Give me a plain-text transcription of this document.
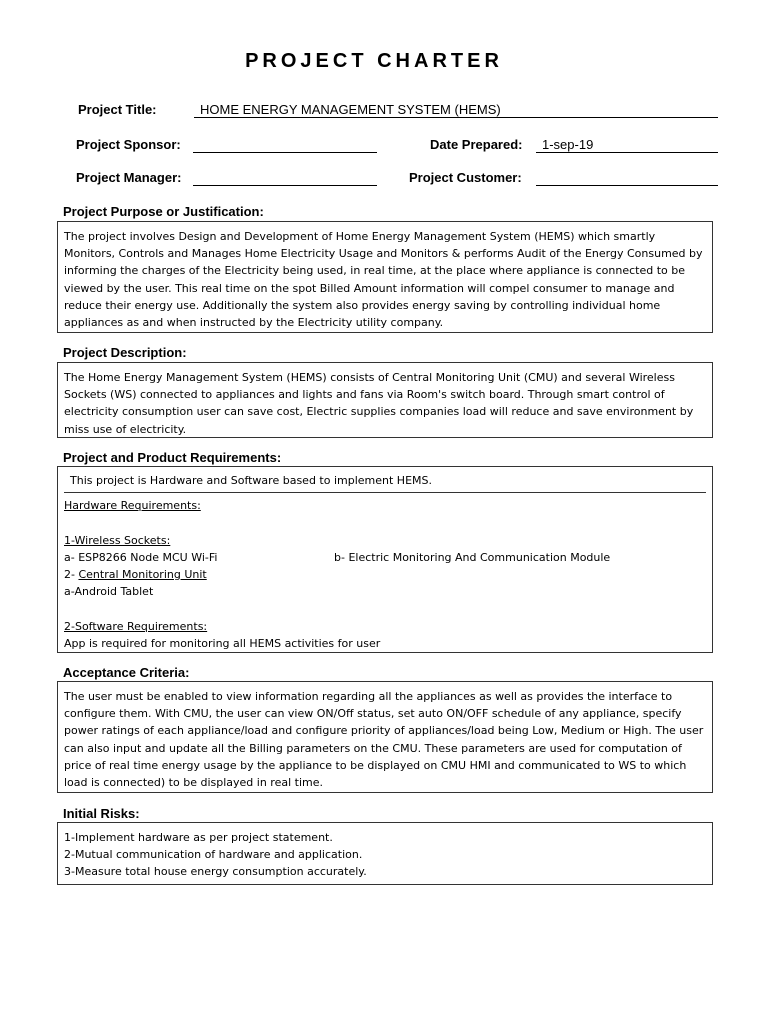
PROJECT CHARTER
Project Title:	HOME ENERGY MANAGEMENT SYSTEM (HEMS)
Project Sponsor:	Date Prepared:	1-sep-19
Project Manager:	Project Customer:
Project Purpose or Justification:

The project involves Design and Development of Home Energy Management System (HEMS) which smartly Monitors, Controls and Manages Home Electricity Usage and Monitors & performs Audit of the Energy Consumed by informing the charges of the Electricity being used, in real time, at the place where appliance is connected to be viewed by the user. This real time on the spot Billed Amount information will compel consumer to manage and reduce their energy use. Additionally the system also provides energy saving by controlling individual home appliances as and when instructed by the Electricity utility company.

Project Description:

The Home Energy Management System (HEMS) consists of Central Monitoring Unit (CMU) and several Wireless Sockets (WS) connected to appliances and lights and fans via Room's switch board. Through smart control of electricity consumption user can save cost, Electric supplies companies load will reduce and save environment by miss use of electricity.

Project and Product Requirements:

This project is Hardware and Software based to implement HEMS.

Hardware Requirements:

1-Wireless Sockets:

a- ESP8266 Node MCU Wi-Fi	b- Electric Monitoring And Communication Module

2- Central Monitoring Unit

a-Android Tablet

2-Software Requirements:

App is required for monitoring all HEMS activities for user

Acceptance Criteria:

The user must be enabled to view information regarding all the appliances as well as provides the interface to configure them. With CMU, the user can view ON/Off status, set auto ON/OFF schedule of any appliance, specify power ratings of each appliance/load and configure priority of appliances/load being Low, Medium or High. The user can also input and update all the Billing parameters on the CMU. These parameters are used for computation of price of real time energy usage by the appliance to be displayed on CMU HMI and communicated to WS to which load is connected) to be displayed in real time.

Initial Risks:

1-Implement hardware as per project statement.

2-Mutual communication of hardware and application.

3-Measure total house energy consumption accurately.
